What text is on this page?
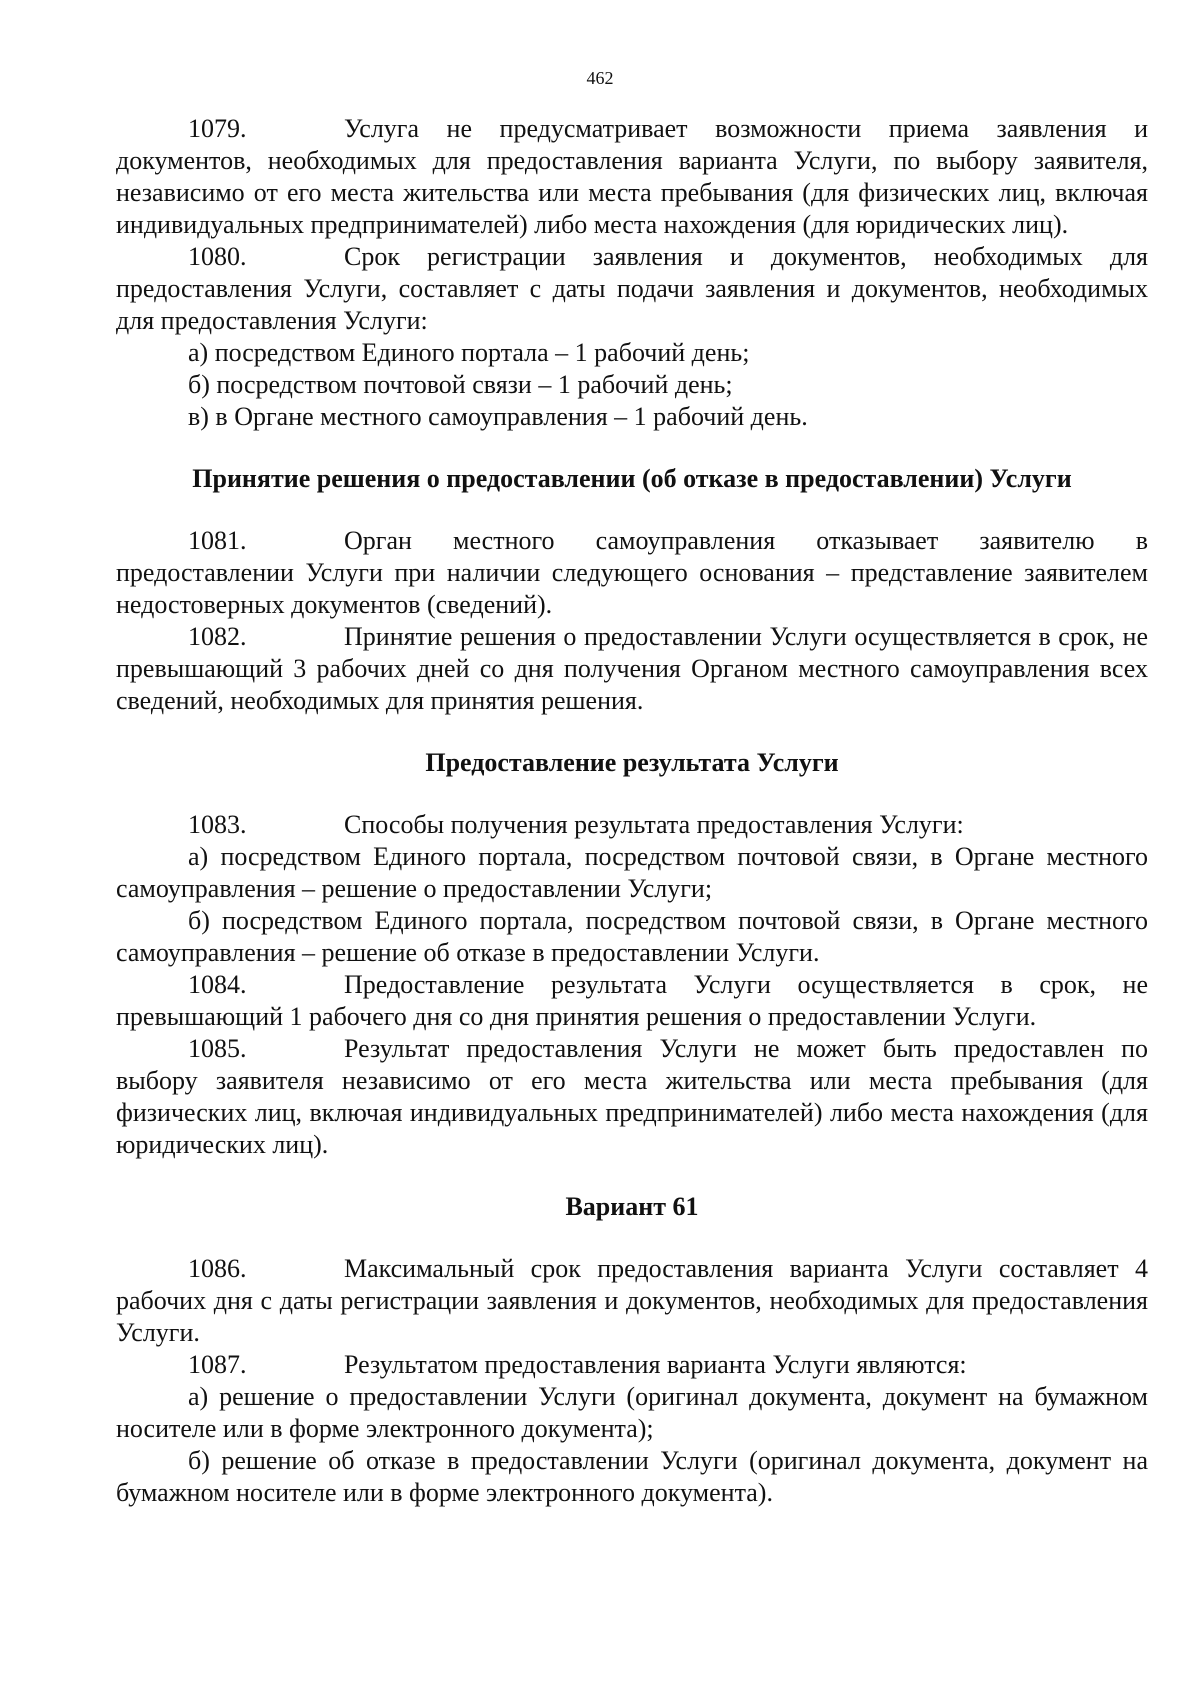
462

1079.	Услуга не предусматривает возможности приема заявления и документов, необходимых для предоставления варианта Услуги, по выбору заявителя, независимо от его места жительства или места пребывания (для физических лиц, включая индивидуальных предпринимателей) либо места нахождения (для юридических лиц).

1080.	Срок регистрации заявления и документов, необходимых для предоставления Услуги, составляет с даты подачи заявления и документов, необходимых для предоставления Услуги:

а) посредством Единого портала – 1 рабочий день;

б) посредством почтовой связи – 1 рабочий день;

в) в Органе местного самоуправления – 1 рабочий день.

Принятие решения о предоставлении (об отказе в предоставлении) Услуги

1081.	Орган местного самоуправления отказывает заявителю в предоставлении Услуги при наличии следующего основания – представление заявителем недостоверных документов (сведений).

1082.	Принятие решения о предоставлении Услуги осуществляется в срок, не превышающий 3 рабочих дней со дня получения Органом местного самоуправления всех сведений, необходимых для принятия решения.

Предоставление результата Услуги

1083.	Способы получения результата предоставления Услуги:

а) посредством Единого портала, посредством почтовой связи, в Органе местного самоуправления – решение о предоставлении Услуги;

б) посредством Единого портала, посредством почтовой связи, в Органе местного самоуправления – решение об отказе в предоставлении Услуги.

1084.	Предоставление результата Услуги осуществляется в срок, не превышающий 1 рабочего дня со дня принятия решения о предоставлении Услуги.

1085.	Результат предоставления Услуги не может быть предоставлен по выбору заявителя независимо от его места жительства или места пребывания (для физических лиц, включая индивидуальных предпринимателей) либо места нахождения (для юридических лиц).

Вариант 61

1086.	Максимальный срок предоставления варианта Услуги составляет 4 рабочих дня с даты регистрации заявления и документов, необходимых для предоставления Услуги.

1087.	Результатом предоставления варианта Услуги являются:

а) решение о предоставлении Услуги (оригинал документа, документ на бумажном носителе или в форме электронного документа);

б) решение об отказе в предоставлении Услуги (оригинал документа, документ на бумажном носителе или в форме электронного документа).
